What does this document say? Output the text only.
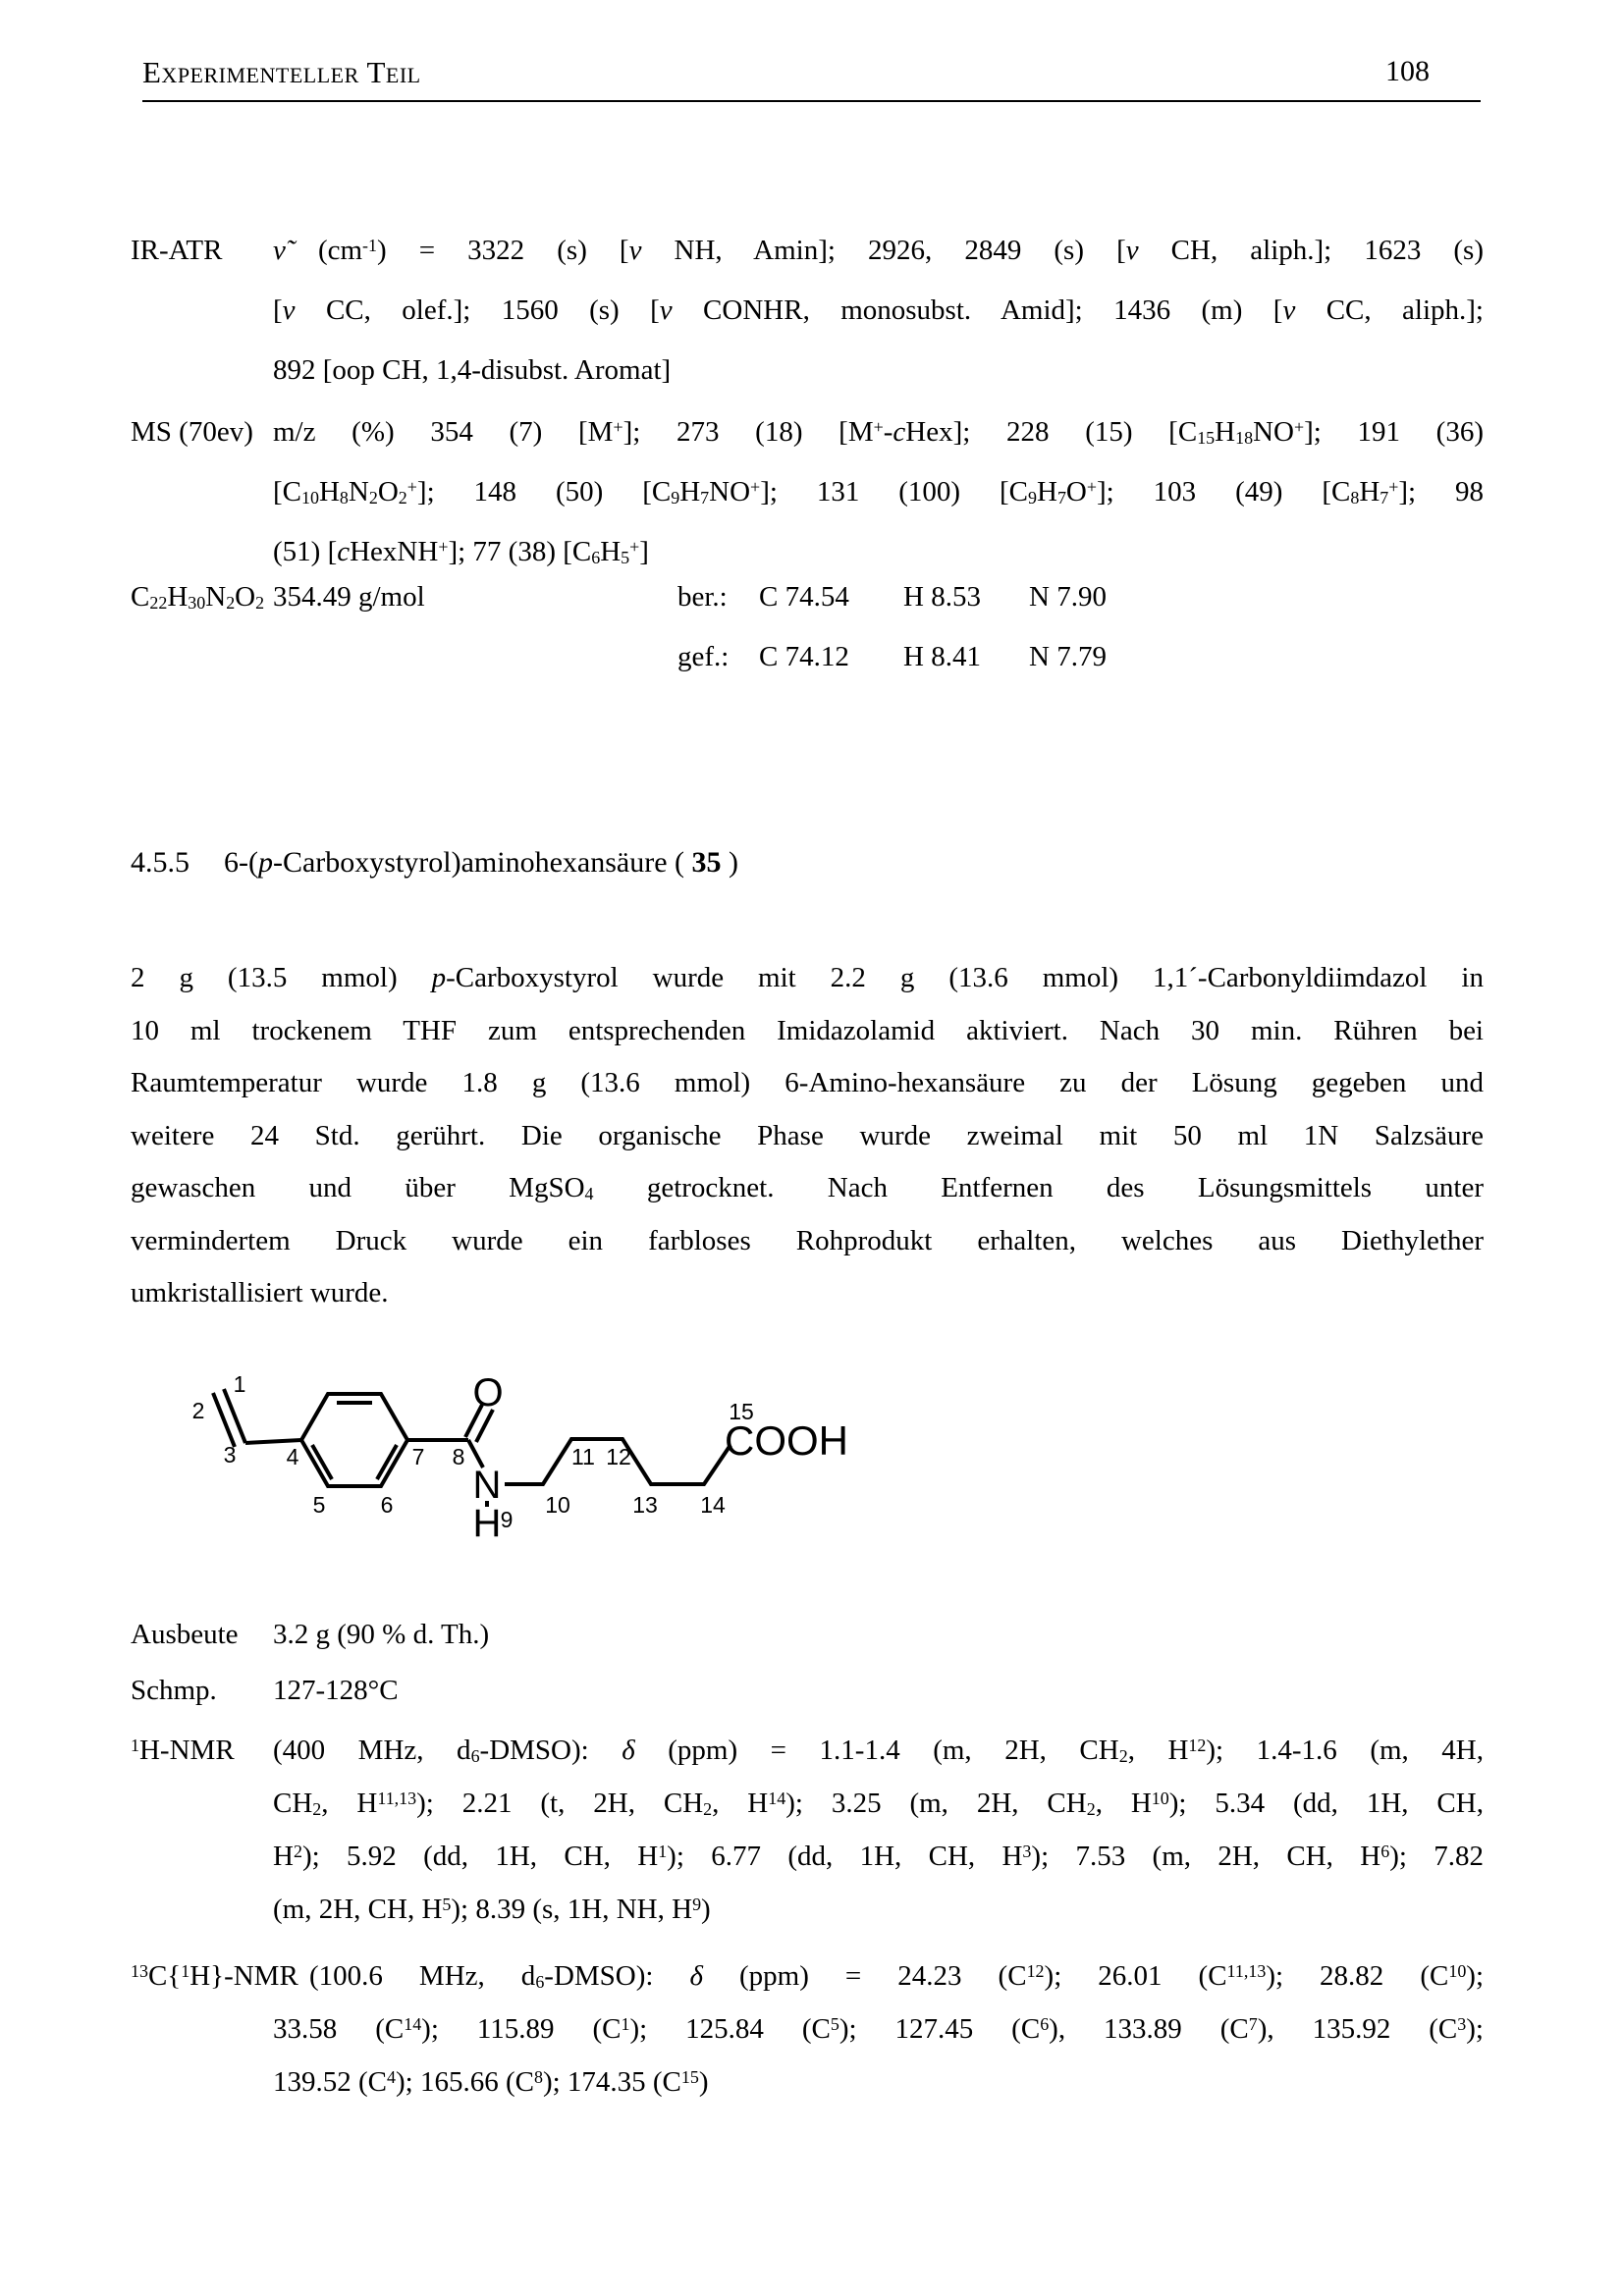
Experimenteller Teil	108
IR-ATR ν̃ $(cm^{-1}) = 3322$ (s) [ν NH, Amin]; 2926, 2849 (s) [ν CH, aliph.]; 1623 (s)
[ν CC, olef.]; 1560 (s) [ν CONHR, monosubst. Amid]; 1436 (m) [ν CC, aliph.];
892 [oop CH, 1,4-disubst. Aromat]
MS (70ev) m/z (%) 354 (7) [M+]; 273 (18) [M+-cHex]; 228 (15) $[C_{15}H_{18}NO^+]$; 191 (36)
$[C_{10}H_8N_2O_2^+]$; 148 (50) $[C_9H_7NO^+]$; 131 (100) $[C_9H_7O^+]$; 103 (49) $[C_8H_7^+]$; 98
(51) [cHexNH+]; 77 (38) $[C_6H_5^+]$
$C_{22}H_{30}N_2O_2$ 354.49 g/mol	ber.: C 74.54 H 8.53 N 7.90
gef.: C 74.12 H 8.41 N 7.79
4.5.5 6-(p-Carboxystyrol)aminohexansäure ( 35 )
2 g (13.5 mmol) p-Carboxystyrol wurde mit 2.2 g (13.6 mmol) 1,1´-Carbonyldiimdazol in
10 ml trockenem THF zum entsprechenden Imidazolamid aktiviert. Nach 30 min. Rühren bei
Raumtemperatur wurde 1.8 g (13.6 mmol) 6-Amino-hexansäure zu der Lösung gegeben und
weitere 24 Std. gerührt. Die organische Phase wurde zweimal mit 50 ml 1N Salzsäure
gewaschen und über MgSO$_4$ getrocknet. Nach Entfernen des Lösungsmittels unter
vermindertem Druck wurde ein farbloses Rohprodukt erhalten, welches aus Diethylether
umkristallisiert wurde.
O
N
H
COOH
1
2
3 4
5 6
7 8
9
10
11 12
13 14
15
Ausbeute 3.2 g (90 % d. Th.)
Schmp. 127-128°C
$^1$H-NMR (400 MHz, $d_6-DMSO$): δ (ppm) = 1.1-1.4 (m, 2H, $CH_2$, $H^{12}$); 1.4-1.6 (m, 4H,
$CH_2$, H$^{11,13}$); 2.21 (t, 2H, $CH_2$, $H^{14}$); 3.25 (m, 2H, $CH_2$, $H^{10}$); 5.34 (dd, 1H, CH,
$H^2$); 5.92 (dd, 1H, CH, $H^1$); 6.77 (dd, 1H, CH, $H^3$); 7.53 (m, 2H, CH, $H^6$); 7.82
(m, 2H, CH, $H^5$); 8.39 (s, 1H, NH, $H^9$)
$^{13}$C{$^1$H}-NMR (100.6 MHz, $d_6-DMSO$): δ (ppm) = 24.23 $(C^{12})$; 26.01 $(C^{11,13})$; 28.82 $(C^{10})$;
33.58 $(C^{14})$; 115.89 $(C^1)$; 125.84 $(C^5)$; 127.45 $(C^6)$, 133.89 $(C^7)$, 135.92 $(C^3)$;
139.52 $(C^4)$; 165.66 $(C^8)$; 174.35 $(C^{15})$
